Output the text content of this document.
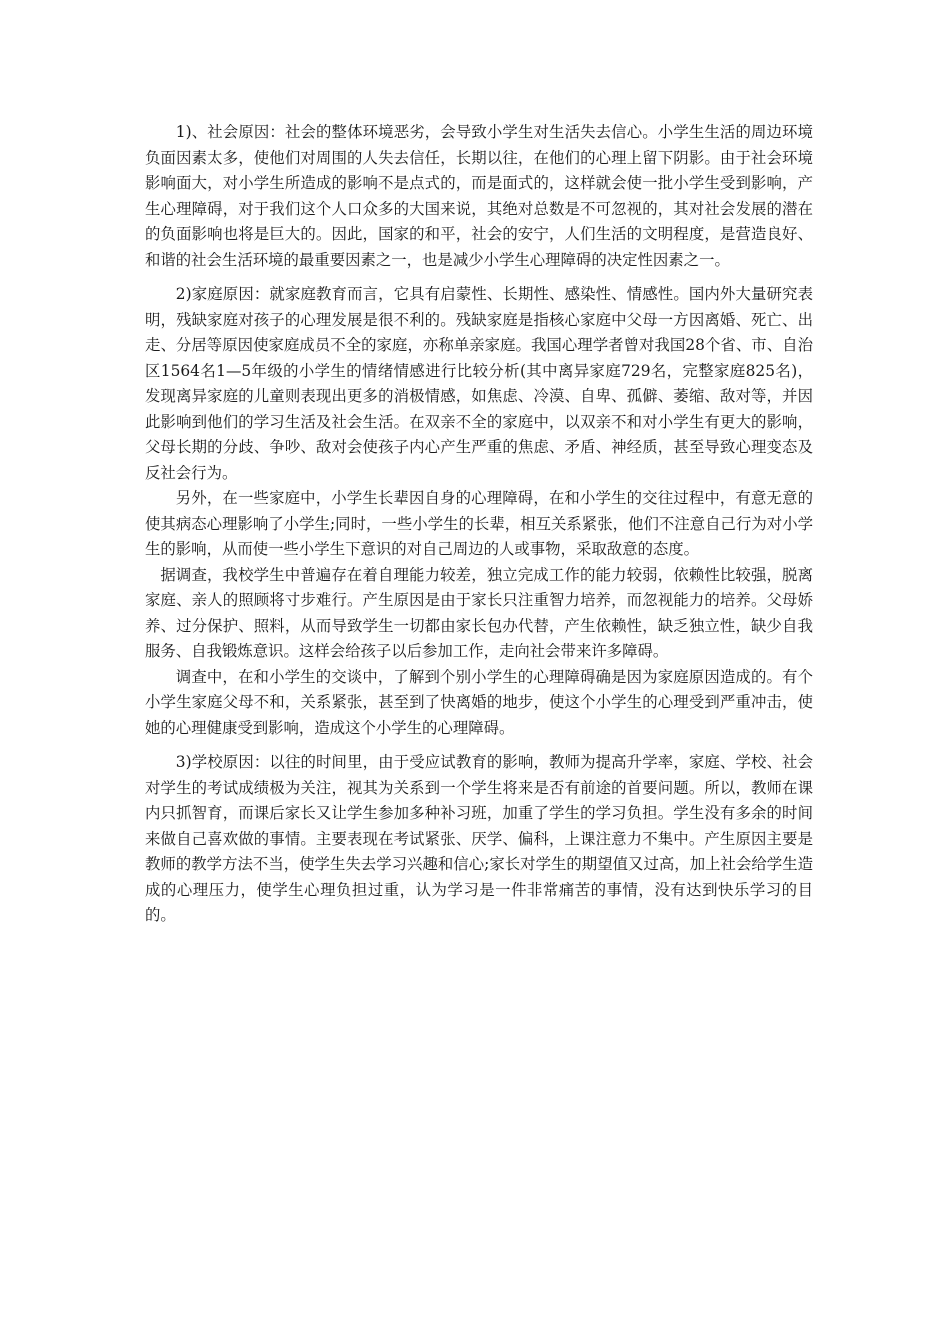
1)、社会原因：社会的整体环境恶劣，会导致小学生对生活失去信心。小学生生活的周边环境负面因素太多，使他们对周围的人失去信任，长期以往，在他们的心理上留下阴影。由于社会环境影响面大，对小学生所造成的影响不是点式的，而是面式的，这样就会使一批小学生受到影响，产生心理障碍，对于我们这个人口众多的大国来说，其绝对总数是不可忽视的，其对社会发展的潜在的负面影响也将是巨大的。因此，国家的和平，社会的安宁，人们生活的文明程度，是营造良好、和谐的社会生活环境的最重要因素之一，也是减少小学生心理障碍的决定性因素之一。

2)家庭原因：就家庭教育而言，它具有启蒙性、长期性、感染性、情感性。国内外大量研究表明，残缺家庭对孩子的心理发展是很不利的。残缺家庭是指核心家庭中父母一方因离婚、死亡、出走、分居等原因使家庭成员不全的家庭，亦称单亲家庭。我国心理学者曾对我国28个省、市、自治区1564名1—5年级的小学生的情绪情感进行比较分析(其中离异家庭729名，完整家庭825名)，发现离异家庭的儿童则表现出更多的消极情感，如焦虑、冷漠、自卑、孤僻、萎缩、敌对等，并因此影响到他们的学习生活及社会生活。在双亲不全的家庭中，以双亲不和对小学生有更大的影响，父母长期的分歧、争吵、敌对会使孩子内心产生严重的焦虑、矛盾、神经质，甚至导致心理变态及反社会行为。

另外，在一些家庭中，小学生长辈因自身的心理障碍，在和小学生的交往过程中，有意无意的使其病态心理影响了小学生;同时，一些小学生的长辈，相互关系紧张，他们不注意自己行为对小学生的影响，从而使一些小学生下意识的对自己周边的人或事物，采取敌意的态度。

据调查，我校学生中普遍存在着自理能力较差，独立完成工作的能力较弱，依赖性比较强，脱离家庭、亲人的照顾将寸步难行。产生原因是由于家长只注重智力培养，而忽视能力的培养。父母娇养、过分保护、照料，从而导致学生一切都由家长包办代替，产生依赖性，缺乏独立性，缺少自我服务、自我锻炼意识。这样会给孩子以后参加工作，走向社会带来许多障碍。

调查中，在和小学生的交谈中，了解到个别小学生的心理障碍确是因为家庭原因造成的。有个小学生家庭父母不和，关系紧张，甚至到了快离婚的地步，使这个小学生的心理受到严重冲击，使她的心理健康受到影响，造成这个小学生的心理障碍。

3)学校原因：以往的时间里，由于受应试教育的影响，教师为提高升学率，家庭、学校、社会对学生的考试成绩极为关注，视其为关系到一个学生将来是否有前途的首要问题。所以，教师在课内只抓智育，而课后家长又让学生参加多种补习班，加重了学生的学习负担。学生没有多余的时间来做自己喜欢做的事情。主要表现在考试紧张、厌学、偏科，上课注意力不集中。产生原因主要是教师的教学方法不当，使学生失去学习兴趣和信心;家长对学生的期望值又过高，加上社会给学生造成的心理压力，使学生心理负担过重，认为学习是一件非常痛苦的事情，没有达到快乐学习的目的。
